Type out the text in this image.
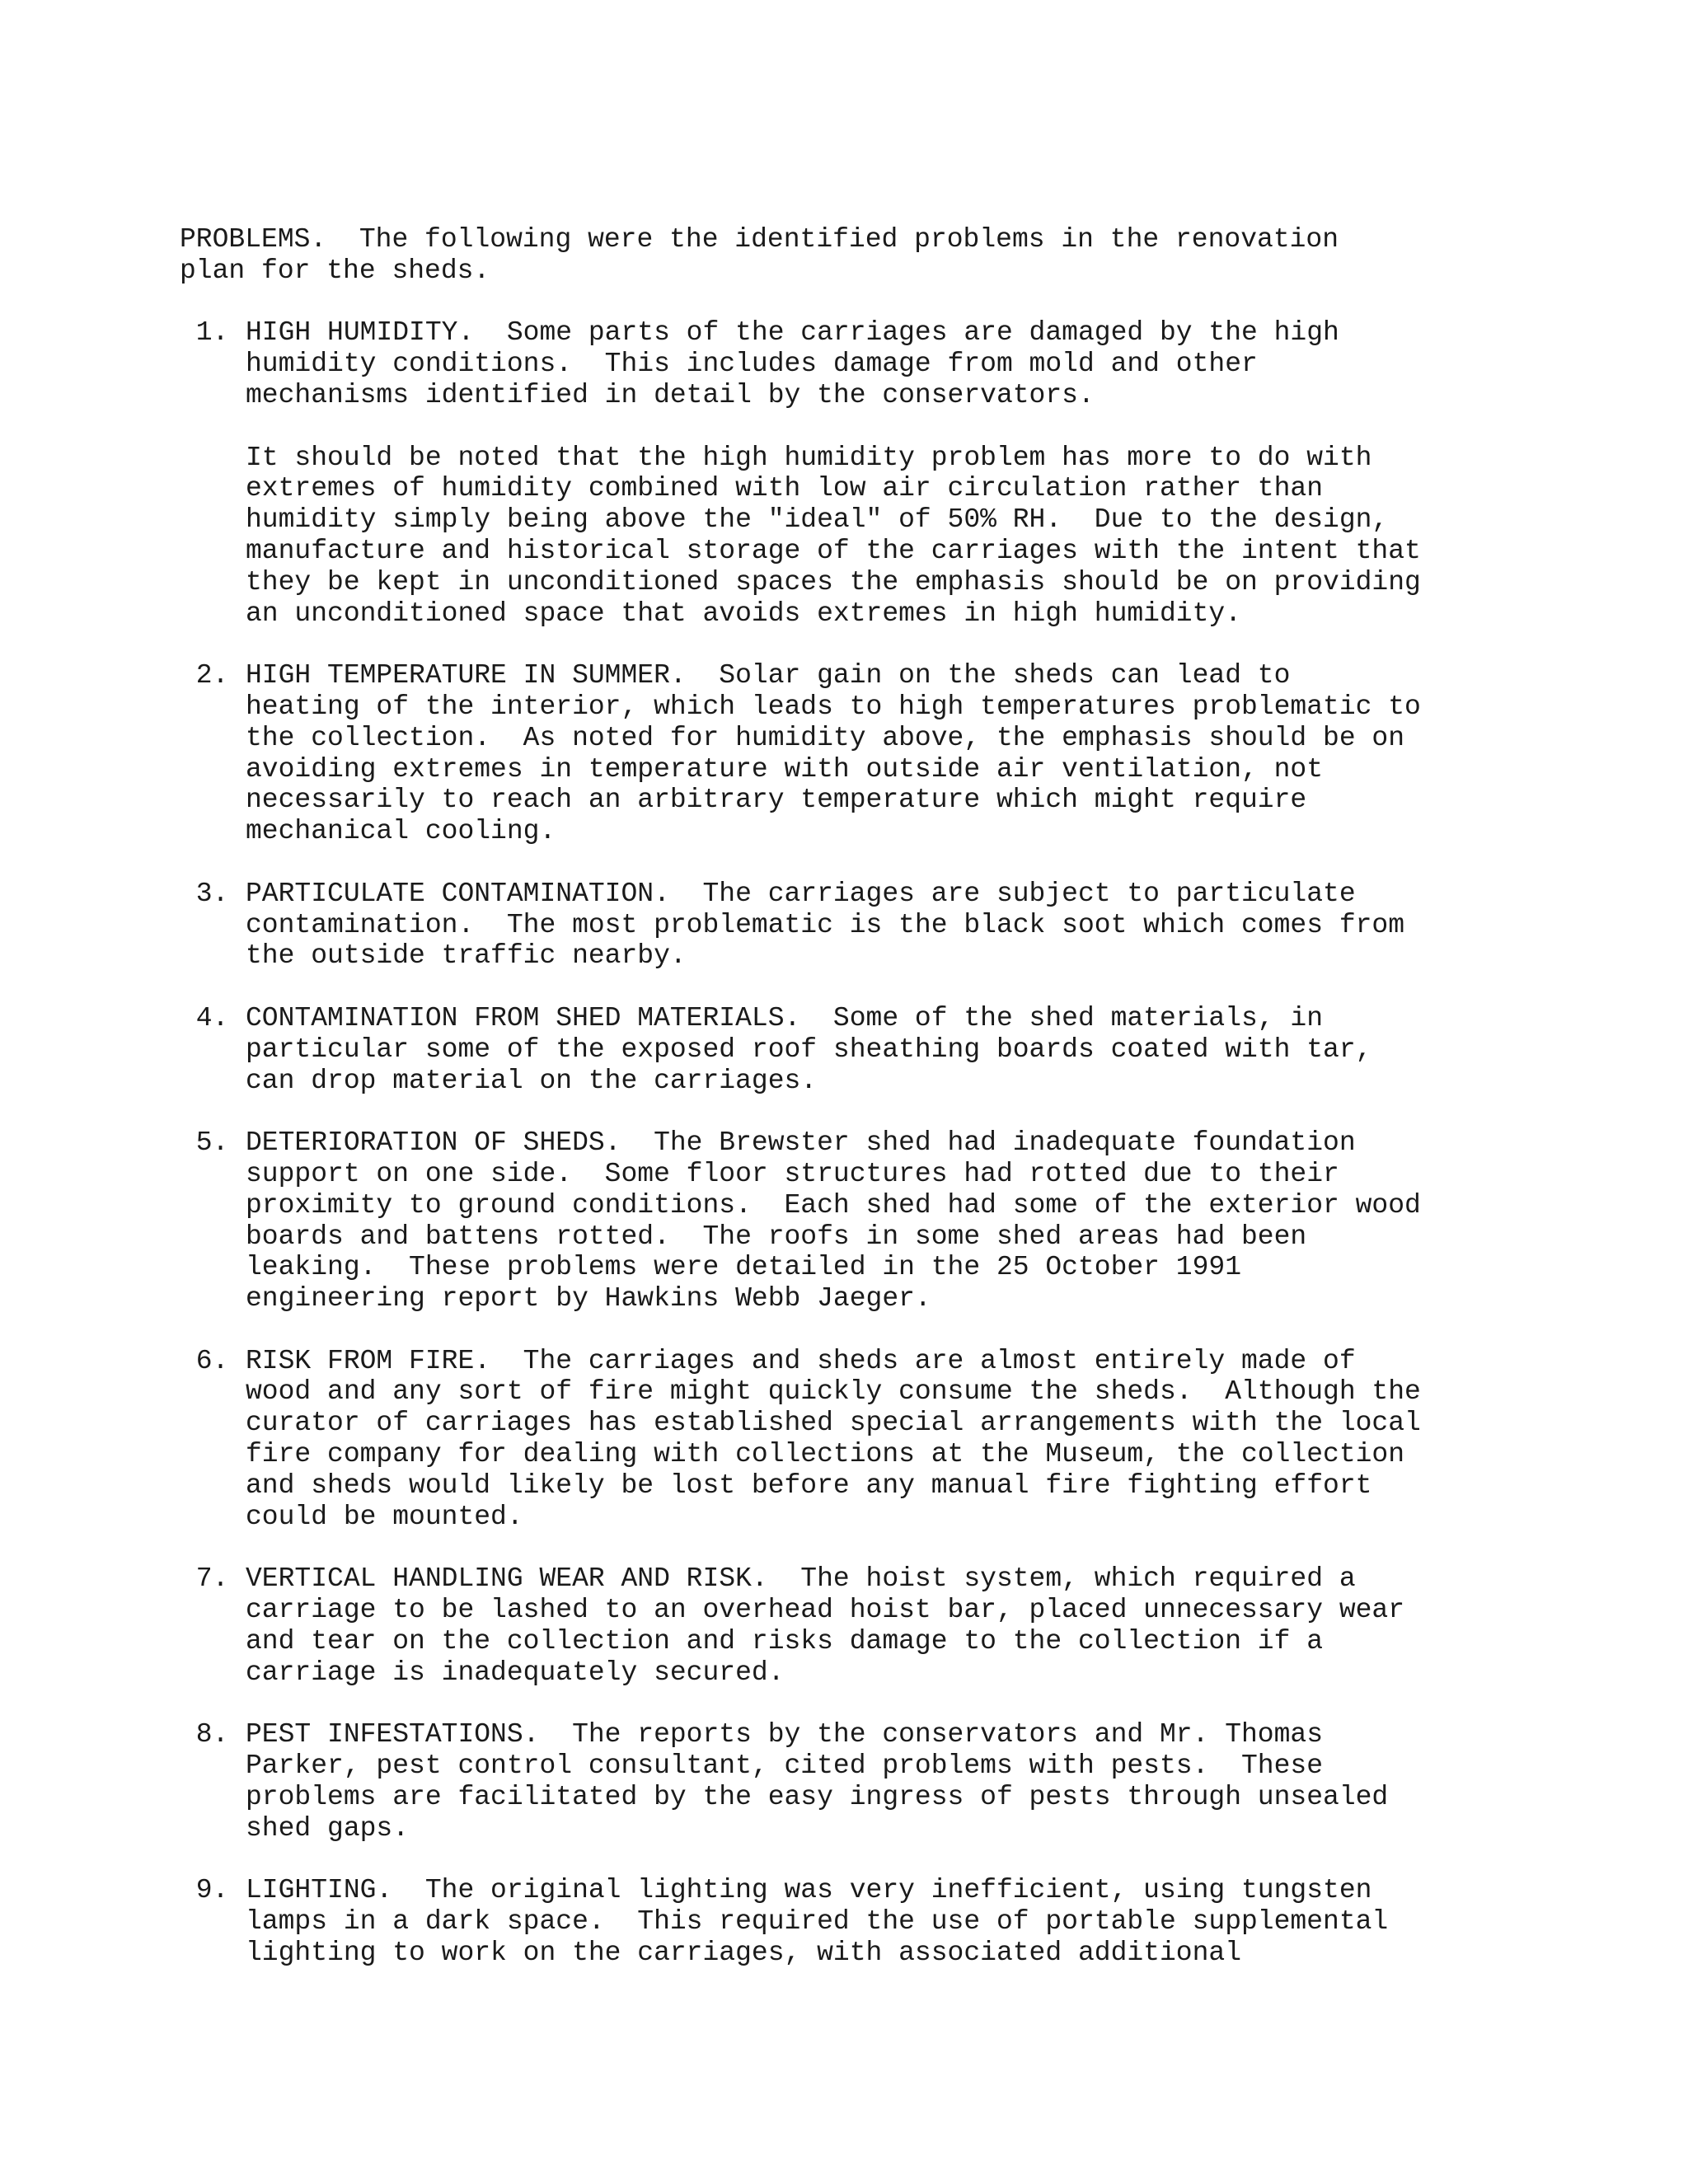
PROBLEMS.  The following were the identified problems in the renovation
plan for the sheds.
1. HIGH HUMIDITY.  Some parts of the carriages are damaged by the high
humidity conditions.  This includes damage from mold and other
mechanisms identified in detail by the conservators.
It should be noted that the high humidity problem has more to do with
extremes of humidity combined with low air circulation rather than
humidity simply being above the "ideal" of 50% RH.  Due to the design,
manufacture and historical storage of the carriages with the intent that
they be kept in unconditioned spaces the emphasis should be on providing
an unconditioned space that avoids extremes in high humidity.
2. HIGH TEMPERATURE IN SUMMER.  Solar gain on the sheds can lead to
heating of the interior, which leads to high temperatures problematic to
the collection.  As noted for humidity above, the emphasis should be on
avoiding extremes in temperature with outside air ventilation, not
necessarily to reach an arbitrary temperature which might require
mechanical cooling.
3. PARTICULATE CONTAMINATION.  The carriages are subject to particulate
contamination.  The most problematic is the black soot which comes from
the outside traffic nearby.
4. CONTAMINATION FROM SHED MATERIALS.  Some of the shed materials, in
particular some of the exposed roof sheathing boards coated with tar,
can drop material on the carriages.
5. DETERIORATION OF SHEDS.  The Brewster shed had inadequate foundation
support on one side.  Some floor structures had rotted due to their
proximity to ground conditions.  Each shed had some of the exterior wood
boards and battens rotted.  The roofs in some shed areas had been
leaking.  These problems were detailed in the 25 October 1991
engineering report by Hawkins Webb Jaeger.
6. RISK FROM FIRE.  The carriages and sheds are almost entirely made of
wood and any sort of fire might quickly consume the sheds.  Although the
curator of carriages has established special arrangements with the local
fire company for dealing with collections at the Museum, the collection
and sheds would likely be lost before any manual fire fighting effort
could be mounted.
7. VERTICAL HANDLING WEAR AND RISK.  The hoist system, which required a
carriage to be lashed to an overhead hoist bar, placed unnecessary wear
and tear on the collection and risks damage to the collection if a
carriage is inadequately secured.
8. PEST INFESTATIONS.  The reports by the conservators and Mr. Thomas
Parker, pest control consultant, cited problems with pests.  These
problems are facilitated by the easy ingress of pests through unsealed
shed gaps.
9. LIGHTING.  The original lighting was very inefficient, using tungsten
lamps in a dark space.  This required the use of portable supplemental
lighting to work on the carriages, with associated additional
